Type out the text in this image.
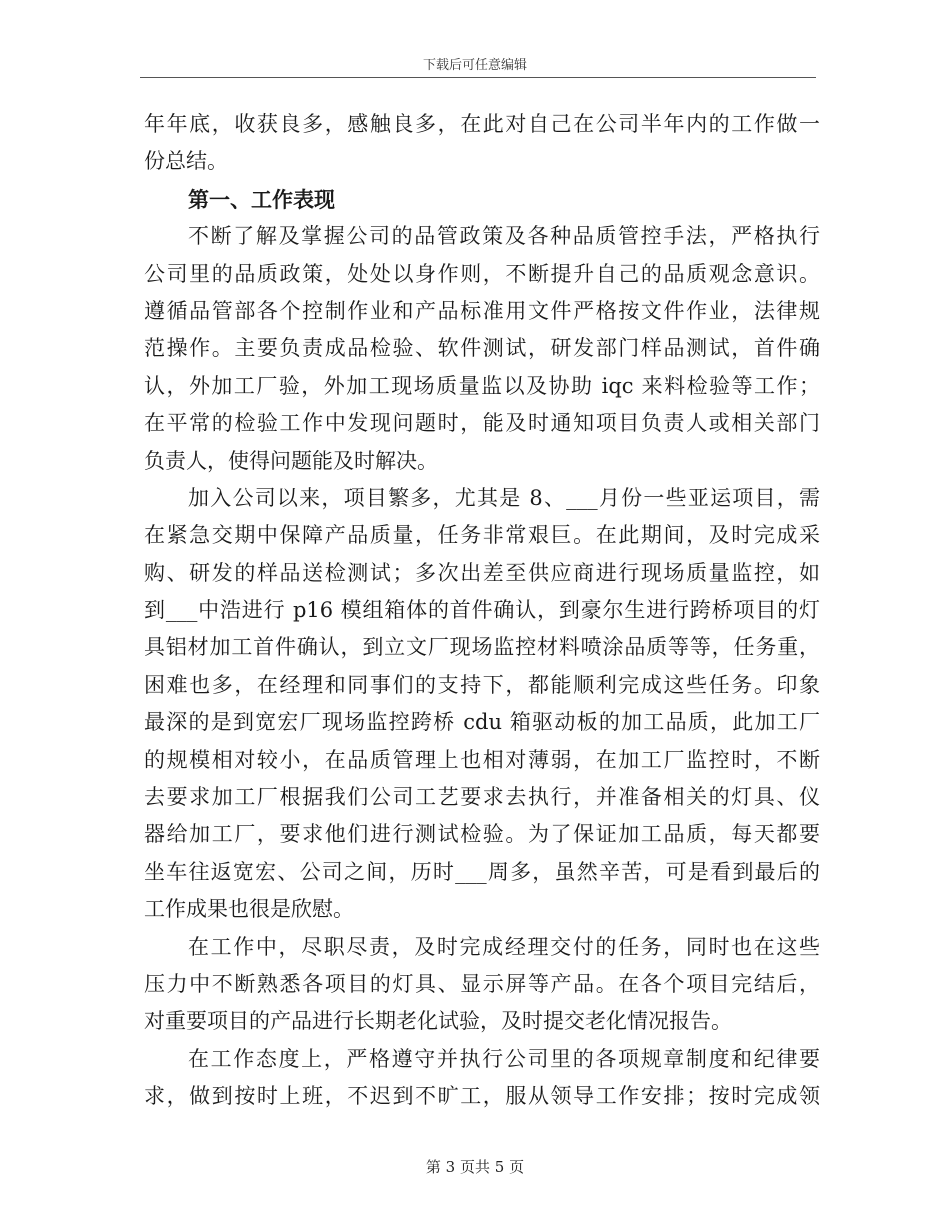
下载后可任意编辑
年年底，收获良多，感触良多，在此对自己在公司半年内的工作做一
份总结。
第一、工作表现
不断了解及掌握公司的品管政策及各种品质管控手法，严格执行
公司里的品质政策，处处以身作则，不断提升自己的品质观念意识。
遵循品管部各个控制作业和产品标准用文件严格按文件作业，法律规
范操作。主要负责成品检验、软件测试，研发部门样品测试，首件确
认，外加工厂验，外加工现场质量监以及协助 iqc 来料检验等工作；
在平常的检验工作中发现问题时，能及时通知项目负责人或相关部门
负责人，使得问题能及时解决。
加入公司以来，项目繁多，尤其是 8、___月份一些亚运项目，需
在紧急交期中保障产品质量，任务非常艰巨。在此期间，及时完成采
购、研发的样品送检测试；多次出差至供应商进行现场质量监控，如
到___中浩进行 p16 模组箱体的首件确认，到豪尔生进行跨桥项目的灯
具铝材加工首件确认，到立文厂现场监控材料喷涂品质等等，任务重，
困难也多，在经理和同事们的支持下，都能顺利完成这些任务。印象
最深的是到宽宏厂现场监控跨桥 cdu 箱驱动板的加工品质，此加工厂
的规模相对较小，在品质管理上也相对薄弱，在加工厂监控时，不断
去要求加工厂根据我们公司工艺要求去执行，并准备相关的灯具、仪
器给加工厂，要求他们进行测试检验。为了保证加工品质，每天都要
坐车往返宽宏、公司之间，历时___周多，虽然辛苦，可是看到最后的
工作成果也很是欣慰。
在工作中，尽职尽责，及时完成经理交付的任务，同时也在这些
压力中不断熟悉各项目的灯具、显示屏等产品。在各个项目完结后，
对重要项目的产品进行长期老化试验，及时提交老化情况报告。
在工作态度上，严格遵守并执行公司里的各项规章制度和纪律要
求，做到按时上班，不迟到不旷工，服从领导工作安排；按时完成领
第 3 页共 5 页
